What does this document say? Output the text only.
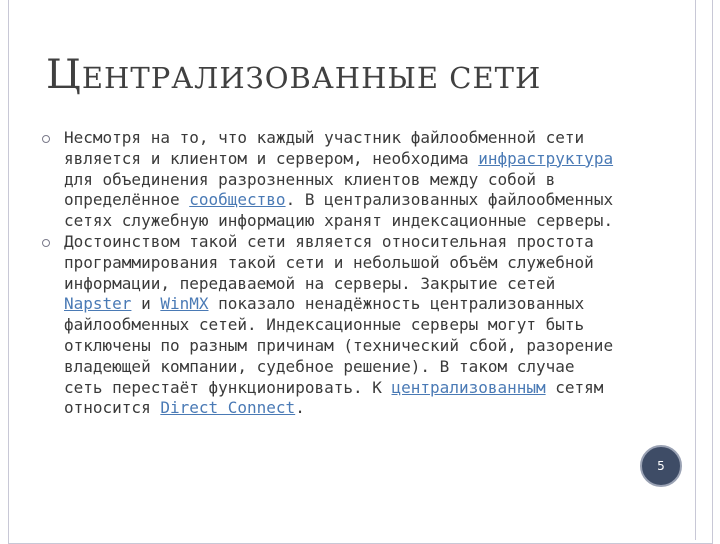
ЦЕНТРАЛИЗОВАННЫЕ СЕТИ

Несмотря на то, что каждый участник файлообменной сети является и клиентом и сервером, необходима инфраструктура для объединения разрозненных клиентов между собой в определённое сообщество. В централизованных файлообменных сетях служебную информацию хранят индексационные серверы.

Достоинством такой сети является относительная простота программирования такой сети и небольшой объём служебной информации, передаваемой на серверы. Закрытие сетей Napster и WinMX показало ненадёжность централизованных файлообменных сетей. Индексационные серверы могут быть отключены по разным причинам (технический сбой, разорение владеющей компании, судебное решение). В таком случае сеть перестаёт функционировать. К централизованным сетям относится Direct Connect.

5
